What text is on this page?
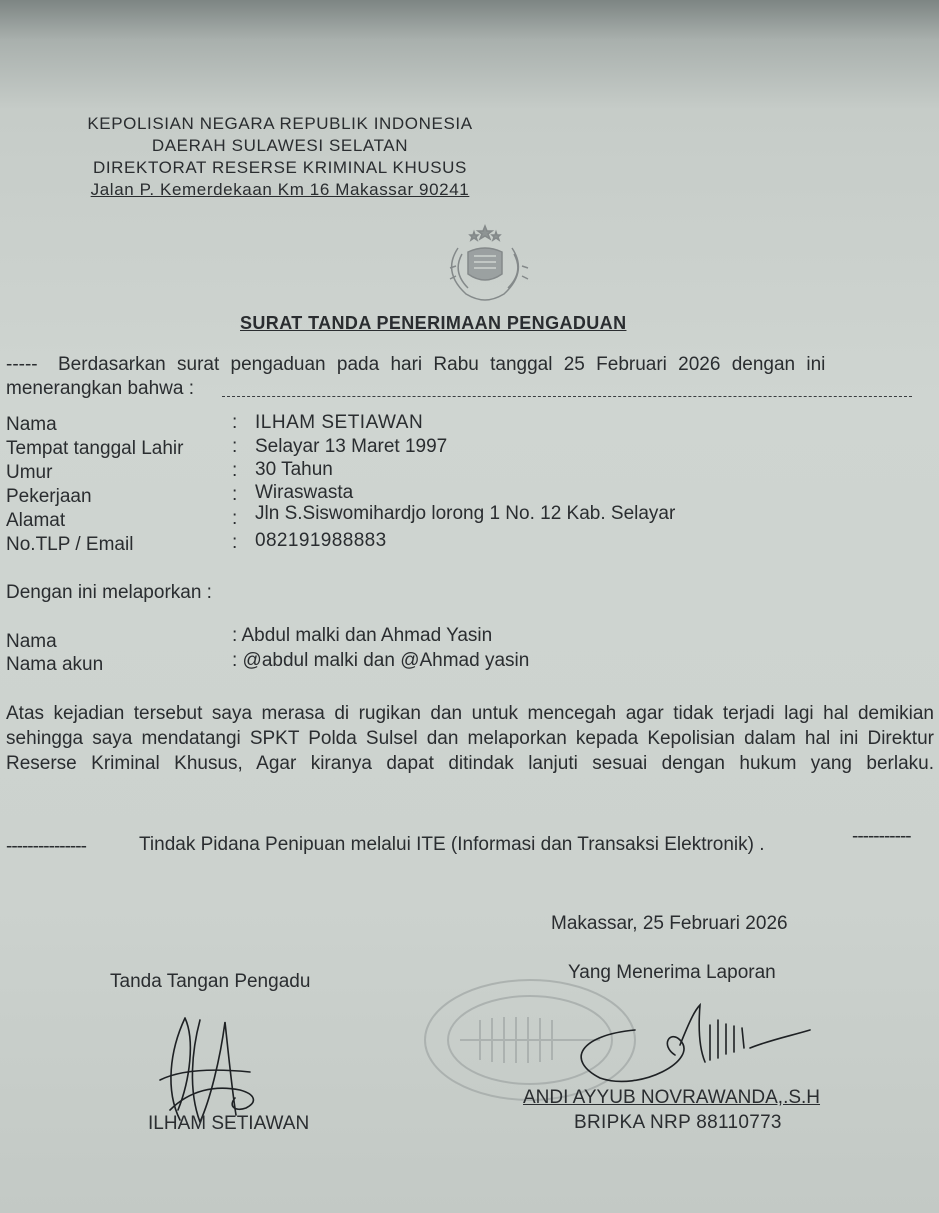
KEPOLISIAN NEGARA REPUBLIK INDONESIA
DAERAH SULAWESI SELATAN
DIREKTORAT RESERSE KRIMINAL KHUSUS
Jalan P. Kemerdekaan Km 16 Makassar 90241
SURAT TANDA PENERIMAAN PENGADUAN
----- Berdasarkan surat pengaduan pada hari Rabu tanggal 25 Februari 2026 dengan ini
menerangkan bahwa :
Nama	: ILHAM SETIAWAN
Tempat tanggal Lahir	: Selayar 13 Maret 1997
Umur	: 30 Tahun
Pekerjaan	: Wiraswasta
Alamat	: Jln S.Siswomihardjo lorong 1 No. 12 Kab. Selayar
No.TLP / Email	: 082191988883
Dengan ini melaporkan :
Nama	: Abdul malki dan Ahmad Yasin
Nama akun	: @abdul malki dan @Ahmad yasin
Atas kejadian tersebut saya merasa di rugikan dan untuk mencegah agar tidak terjadi lagi hal demikian sehingga saya mendatangi SPKT Polda Sulsel dan melaporkan kepada Kepolisian dalam hal ini Direktur Reserse Kriminal Khusus, Agar kiranya dapat ditindak lanjuti sesuai dengan hukum yang berlaku.
---------------	Tindak Pidana Penipuan melalui ITE (Informasi dan Transaksi Elektronik) .	-----------
Makassar, 25 Februari 2026
Tanda Tangan Pengadu
ILHAM SETIAWAN
Yang Menerima Laporan
ANDI AYYUB NOVRAWANDA,.S.H
BRIPKA NRP 88110773
